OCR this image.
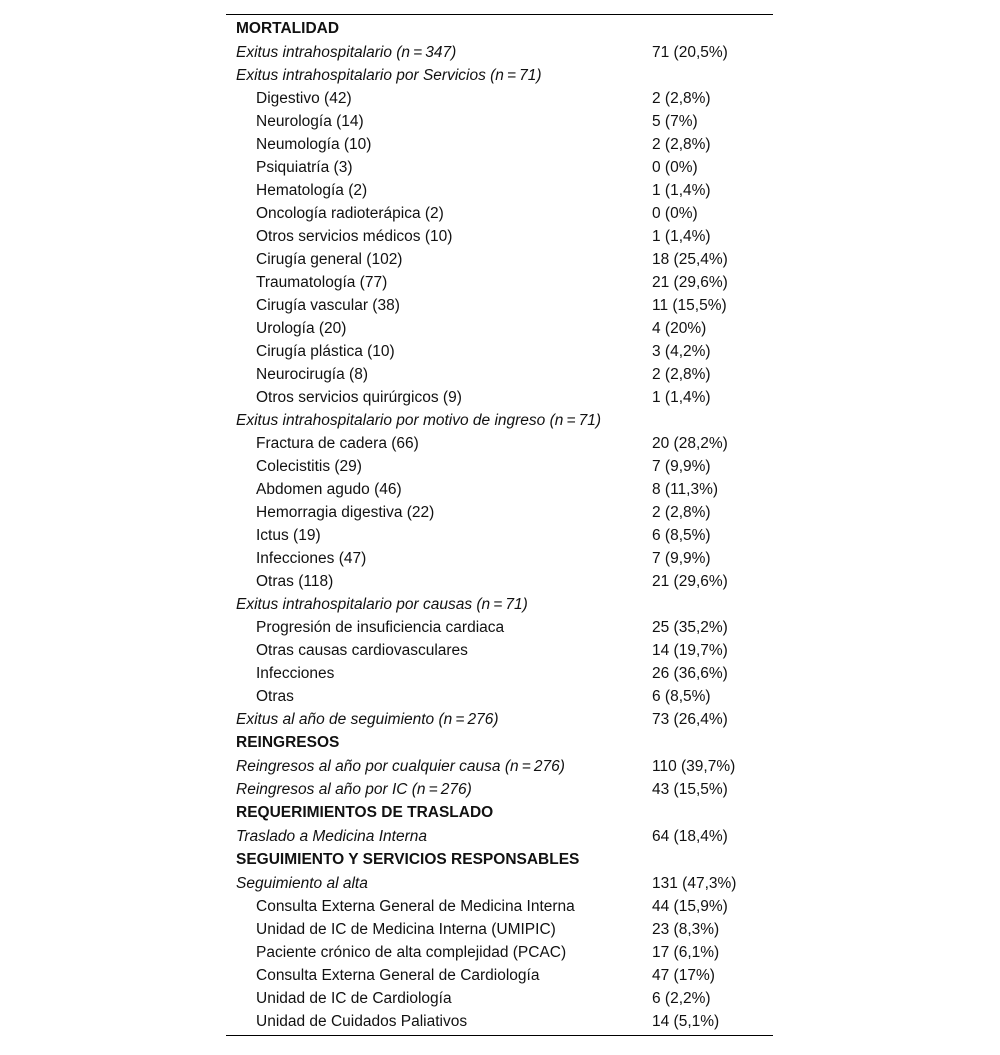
MORTALIDAD
Exitus intrahospitalario (n = 347)	71 (20,5%)
Exitus intrahospitalario por Servicios (n = 71)
Digestivo (42)	2 (2,8%)
Neurología (14)	5 (7%)
Neumología (10)	2 (2,8%)
Psiquiatría (3)	0 (0%)
Hematología (2)	1 (1,4%)
Oncología radioterápica (2)	0 (0%)
Otros servicios médicos (10)	1 (1,4%)
Cirugía general (102)	18 (25,4%)
Traumatología (77)	21 (29,6%)
Cirugía vascular (38)	11 (15,5%)
Urología (20)	4 (20%)
Cirugía plástica (10)	3 (4,2%)
Neurocirugía (8)	2 (2,8%)
Otros servicios quirúrgicos (9)	1 (1,4%)
Exitus intrahospitalario por motivo de ingreso (n = 71)
Fractura de cadera (66)	20 (28,2%)
Colecistitis (29)	7 (9,9%)
Abdomen agudo (46)	8 (11,3%)
Hemorragia digestiva (22)	2 (2,8%)
Ictus (19)	6 (8,5%)
Infecciones (47)	7 (9,9%)
Otras (118)	21 (29,6%)
Exitus intrahospitalario por causas (n = 71)
Progresión de insuficiencia cardiaca	25 (35,2%)
Otras causas cardiovasculares	14 (19,7%)
Infecciones	26 (36,6%)
Otras	6 (8,5%)
Exitus al año de seguimiento (n = 276)	73 (26,4%)
REINGRESOS
Reingresos al año por cualquier causa (n = 276)	110 (39,7%)
Reingresos al año por IC (n = 276)	43 (15,5%)
REQUERIMIENTOS DE TRASLADO
Traslado a Medicina Interna	64 (18,4%)
SEGUIMIENTO Y SERVICIOS RESPONSABLES
Seguimiento al alta	131 (47,3%)
Consulta Externa General de Medicina Interna	44 (15,9%)
Unidad de IC de Medicina Interna (UMIPIC)	23 (8,3%)
Paciente crónico de alta complejidad (PCAC)	17 (6,1%)
Consulta Externa General de Cardiología	47 (17%)
Unidad de IC de Cardiología	6 (2,2%)
Unidad de Cuidados Paliativos	14 (5,1%)
